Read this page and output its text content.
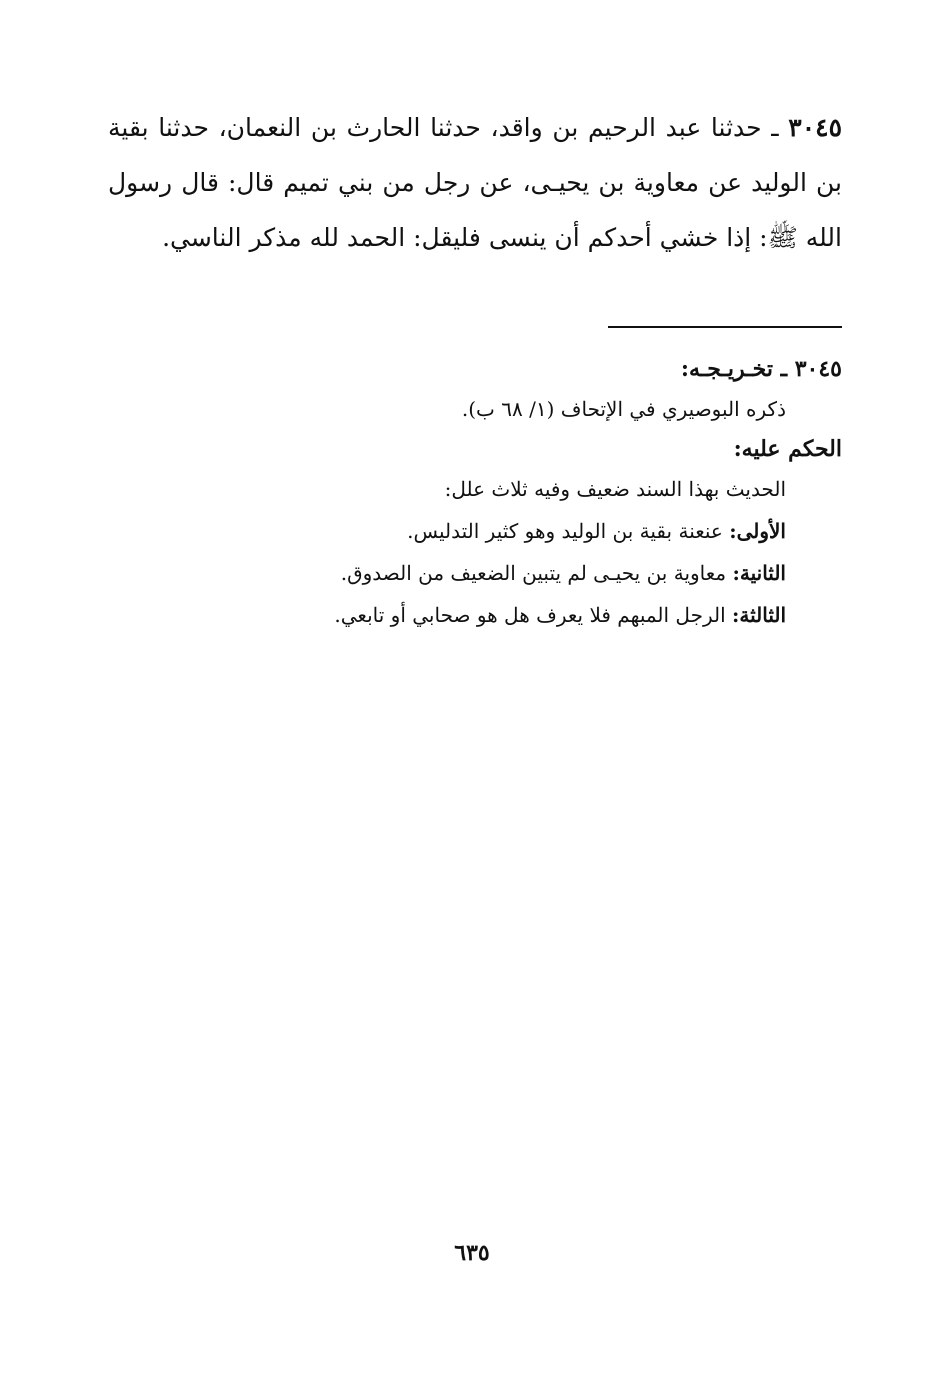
٣٠٤٥ ـ حدثنا عبد الرحيم بن واقد، حدثنا الحارث بن النعمان، حدثنا بقية بن الوليد عن معاوية بن يحيـى، عن رجل من بني تميم قال: قال رسول الله ﷺ: إذا خشي أحدكم أن ينسى فليقل: الحمد لله مذكر الناسي.

٣٠٤٥ ـ تخـريـجـه:

ذكره البوصيري في الإتحاف (١/ ٦٨ ب).

الحكم عليه:

الحديث بهذا السند ضعيف وفيه ثلاث علل:

الأولى: عنعنة بقية بن الوليد وهو كثير التدليس.

الثانية: معاوية بن يحيـى لم يتبين الضعيف من الصدوق.

الثالثة: الرجل المبهم فلا يعرف هل هو صحابي أو تابعي.

٦٣٥
